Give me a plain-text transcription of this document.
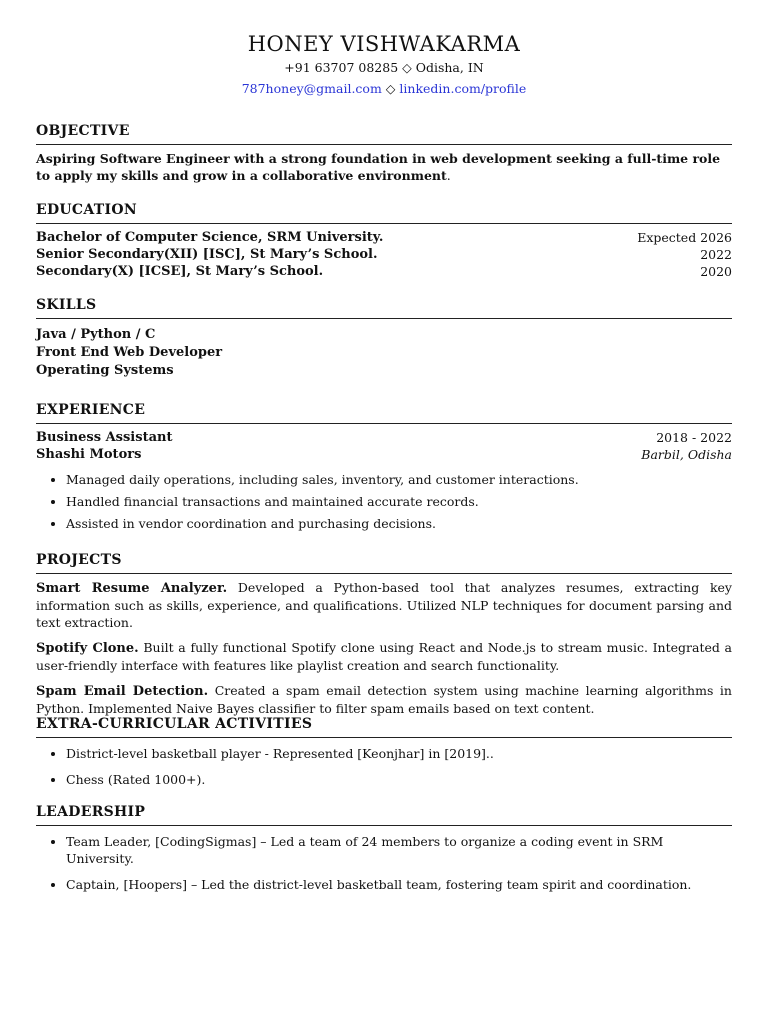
HONEY VISHWAKARMA
+91 63707 08285 ◇ Odisha, IN
787honey@gmail.com ◇ linkedin.com/profile
OBJECTIVE
Aspiring Software Engineer with a strong foundation in web development seeking a full-time role to apply my skills and grow in a collaborative environment.
EDUCATION
Bachelor of Computer Science, SRM University.	Expected 2026
Senior Secondary(XII) [ISC], St Mary’s School.	2022
Secondary(X) [ICSE], St Mary’s School.	2020
SKILLS
Java / Python / C
Front End Web Developer
Operating Systems
EXPERIENCE
Business Assistant	2018 - 2022
Shashi Motors	Barbil, Odisha
• Managed daily operations, including sales, inventory, and customer interactions.
• Handled financial transactions and maintained accurate records.
• Assisted in vendor coordination and purchasing decisions.
PROJECTS
Smart Resume Analyzer. Developed a Python-based tool that analyzes resumes, extracting key information such as skills, experience, and qualifications. Utilized NLP techniques for document parsing and text extraction.
Spotify Clone. Built a fully functional Spotify clone using React and Node.js to stream music. Integrated a user-friendly interface with features like playlist creation and search functionality.
Spam Email Detection. Created a spam email detection system using machine learning algorithms in Python. Implemented Naive Bayes classifier to filter spam emails based on text content.
EXTRA-CURRICULAR ACTIVITIES
• District-level basketball player - Represented [Keonjhar] in [2019]..
• Chess (Rated 1000+).
LEADERSHIP
• Team Leader, [CodingSigmas] – Led a team of 24 members to organize a coding event in SRM University.
• Captain, [Hoopers] – Led the district-level basketball team, fostering team spirit and coordination.
